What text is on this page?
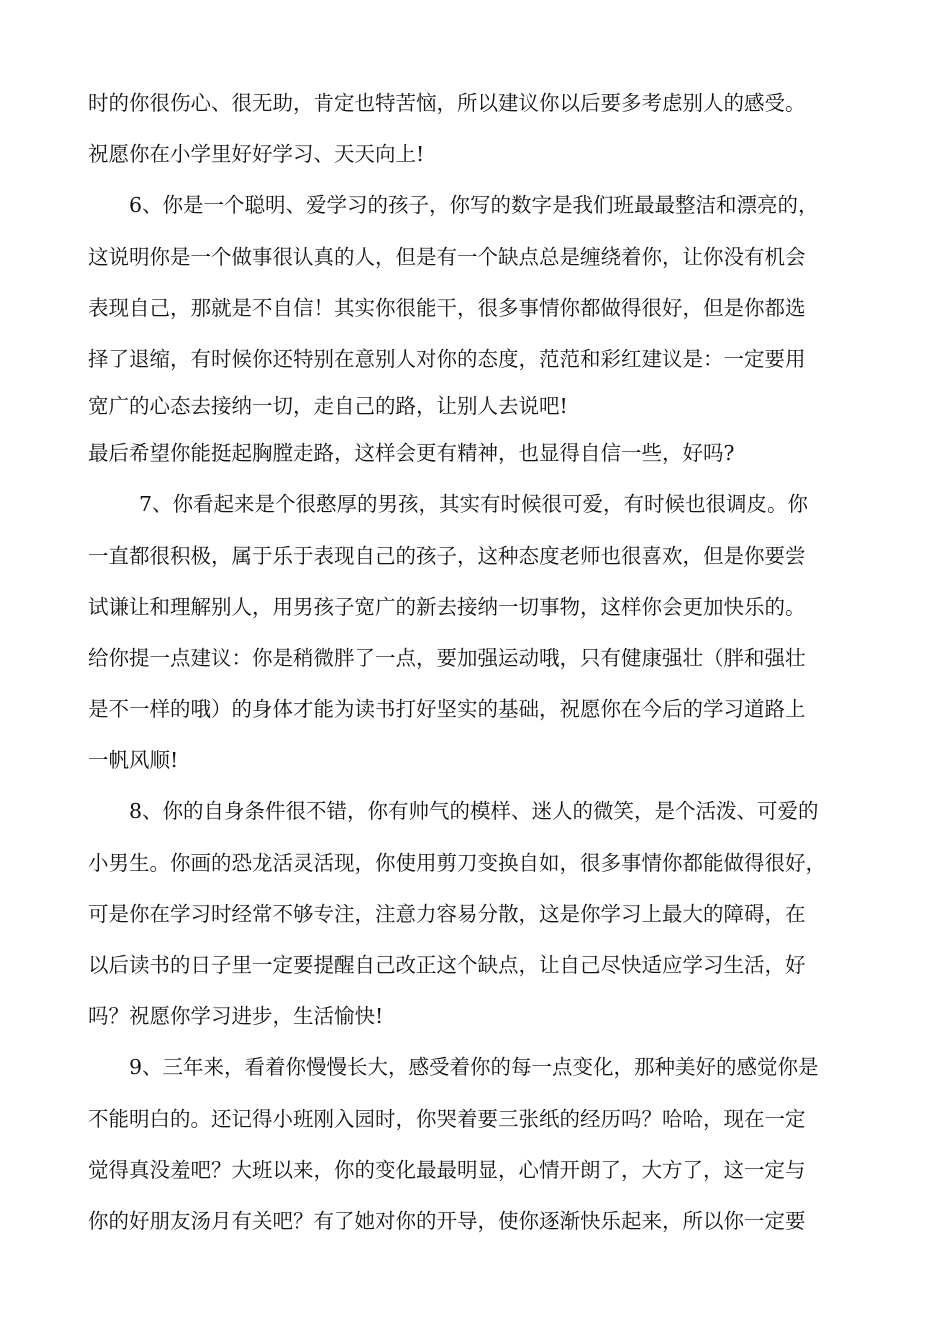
时的你很伤心、很无助，肯定也特苦恼，所以建议你以后要多考虑别人的感受。
祝愿你在小学里好好学习、天天向上!
6、你是一个聪明、爱学习的孩子，你写的数字是我们班最最整洁和漂亮的，
这说明你是一个做事很认真的人，但是有一个缺点总是缠绕着你，让你没有机会
表现自己，那就是不自信！其实你很能干，很多事情你都做得很好，但是你都选
择了退缩，有时候你还特别在意别人对你的态度，范范和彩红建议是：一定要用
宽广的心态去接纳一切，走自己的路，让别人去说吧!
最后希望你能挺起胸膛走路，这样会更有精神，也显得自信一些，好吗?
7、你看起来是个很憨厚的男孩，其实有时候很可爱，有时候也很调皮。你
一直都很积极，属于乐于表现自己的孩子，这种态度老师也很喜欢，但是你要尝
试谦让和理解别人，用男孩子宽广的新去接纳一切事物，这样你会更加快乐的。
给你提一点建议：你是稍微胖了一点，要加强运动哦，只有健康强壮（胖和强壮
是不一样的哦）的身体才能为读书打好坚实的基础，祝愿你在今后的学习道路上
一帆风顺!
8、你的自身条件很不错，你有帅气的模样、迷人的微笑，是个活泼、可爱的
小男生。你画的恐龙活灵活现，你使用剪刀变换自如，很多事情你都能做得很好，
可是你在学习时经常不够专注，注意力容易分散，这是你学习上最大的障碍，在
以后读书的日子里一定要提醒自己改正这个缺点，让自己尽快适应学习生活，好
吗？祝愿你学习进步，生活愉快!
9、三年来，看着你慢慢长大，感受着你的每一点变化，那种美好的感觉你是
不能明白的。还记得小班刚入园时，你哭着要三张纸的经历吗？哈哈，现在一定
觉得真没羞吧？大班以来，你的变化最最明显，心情开朗了，大方了，这一定与
你的好朋友汤月有关吧？有了她对你的开导，使你逐渐快乐起来，所以你一定要
